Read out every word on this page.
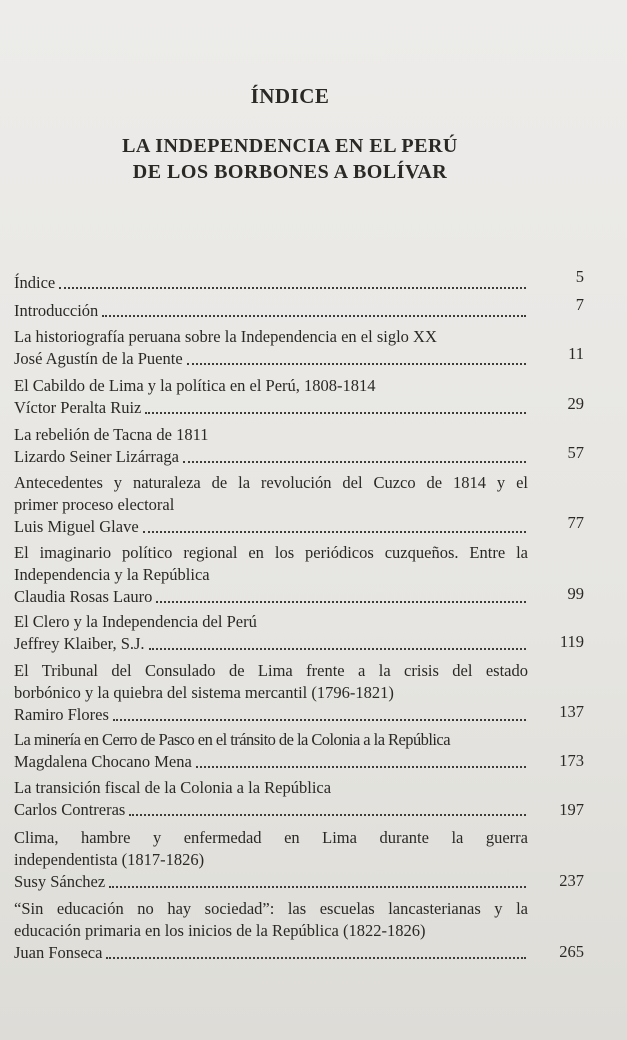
ÍNDICE
LA INDEPENDENCIA EN EL PERÚ
DE LOS BORBONES A BOLÍVAR
Índice	5
Introducción	7
La historiografía peruana sobre la Independencia en el siglo XX
José Agustín de la Puente	11
El Cabildo de Lima y la política en el Perú, 1808-1814
Víctor Peralta Ruiz	29
La rebelión de Tacna de 1811
Lizardo Seiner Lizárraga	57
Antecedentes y naturaleza de la revolución del Cuzco de 1814 y el
primer proceso electoral
Luis Miguel Glave	77
El imaginario político regional en los periódicos cuzqueños. Entre la
Independencia y la República
Claudia Rosas Lauro	99
El Clero y la Independencia del Perú
Jeffrey Klaiber, S.J.	119
El Tribunal del Consulado de Lima frente a la crisis del estado
borbónico y la quiebra del sistema mercantil (1796-1821)
Ramiro Flores	137
La minería en Cerro de Pasco en el tránsito de la Colonia a la República
Magdalena Chocano Mena	173
La transición fiscal de la Colonia a la República
Carlos Contreras	197
Clima, hambre y enfermedad en Lima durante la guerra
independentista (1817-1826)
Susy Sánchez	237
“Sin educación no hay sociedad”: las escuelas lancasterianas y la
educación primaria en los inicios de la República (1822-1826)
Juan Fonseca	265
